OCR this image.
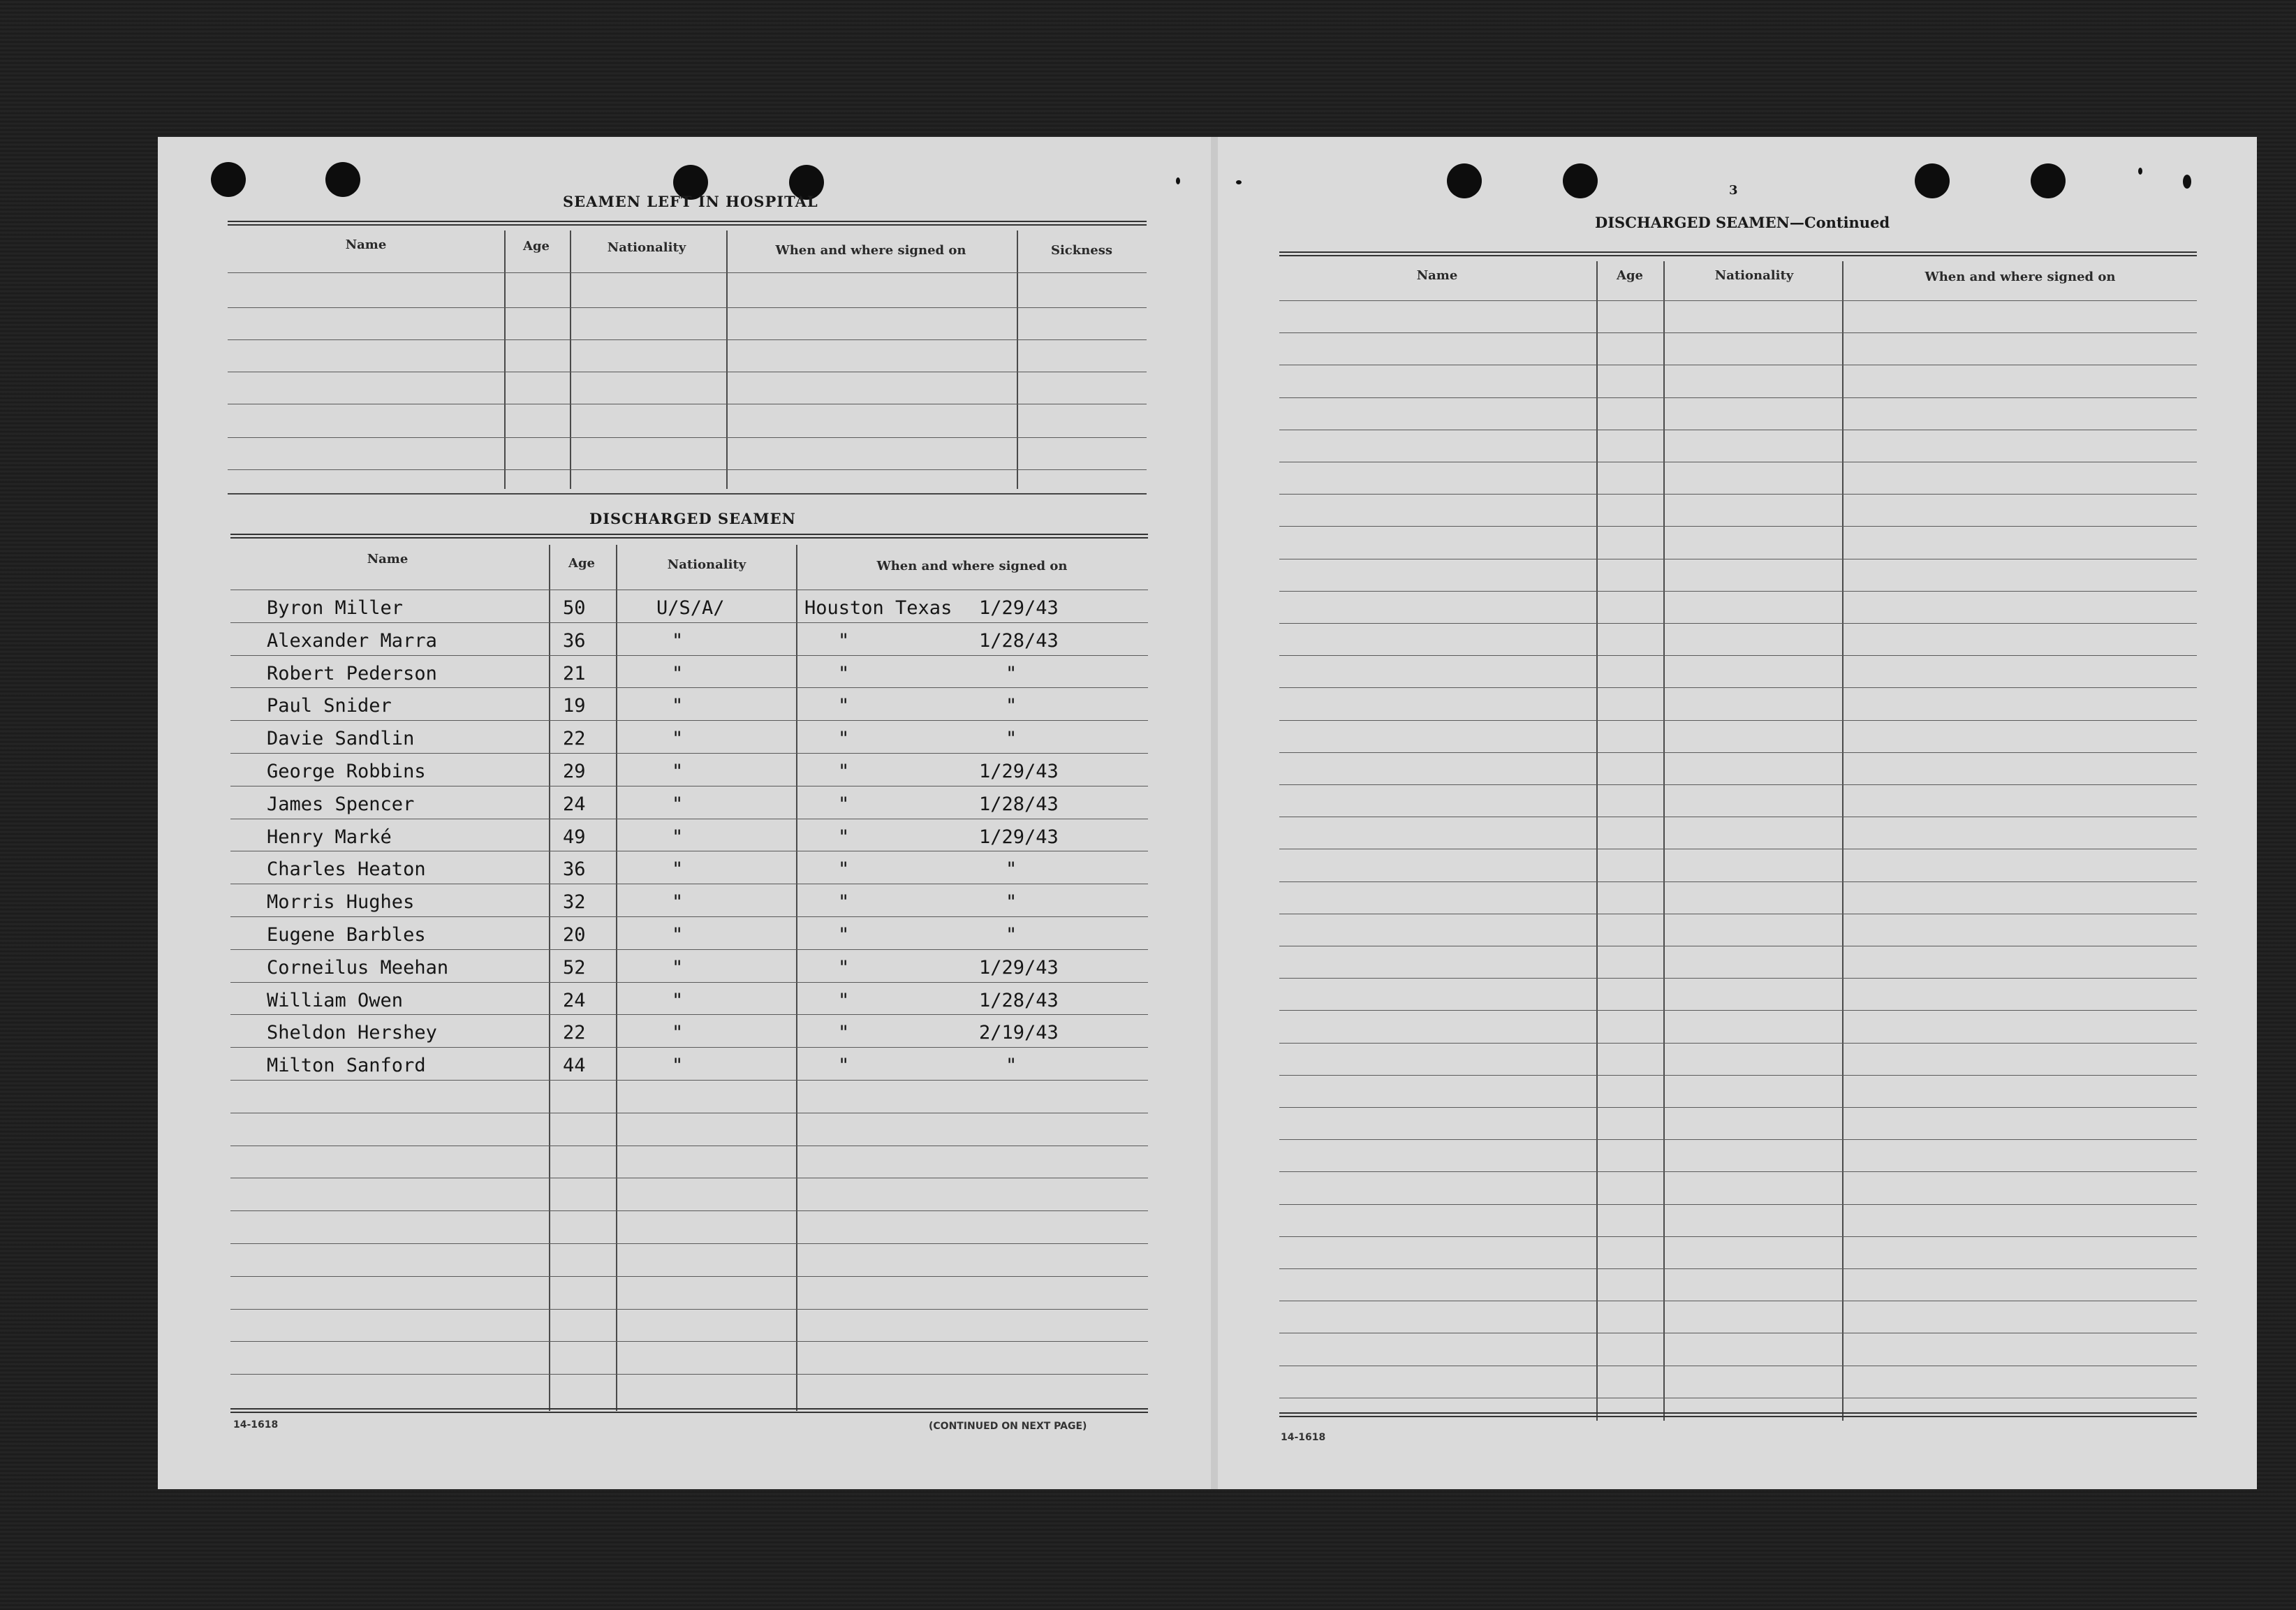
SEAMEN LEFT IN HOSPITAL
Name	Age	Nationality	When and where signed on	Sickness
DISCHARGED SEAMEN
Name	Age	Nationality	When and where signed on
Byron Miller	50	U/S/A/	Houston Texas 1/29/43
Alexander Marra	36	"	"	1/28/43
Robert Pederson	21	"	"	"
Paul Snider	19	"	"	"
Davie Sandlin	22	"	"	"
George Robbins	29	"	"	1/29/43
James Spencer	24	"	"	1/28/43
Henry Marké	49	"	"	1/29/43
Charles Heaton	36	"	"	"
Morris Hughes	32	"	"	"
Eugene Barbles	20	"	"	"
Corneilus Meehan	52	"	"	1/29/43
William Owen	24	"	"	1/28/43
Sheldon Hershey	22	"	"	2/19/43
Milton Sanford	44	"	"	"
14-1618	(CONTINUED ON NEXT PAGE)
3
DISCHARGED SEAMEN—Continued
Name	Age	Nationality	When and where signed on
14-1618
